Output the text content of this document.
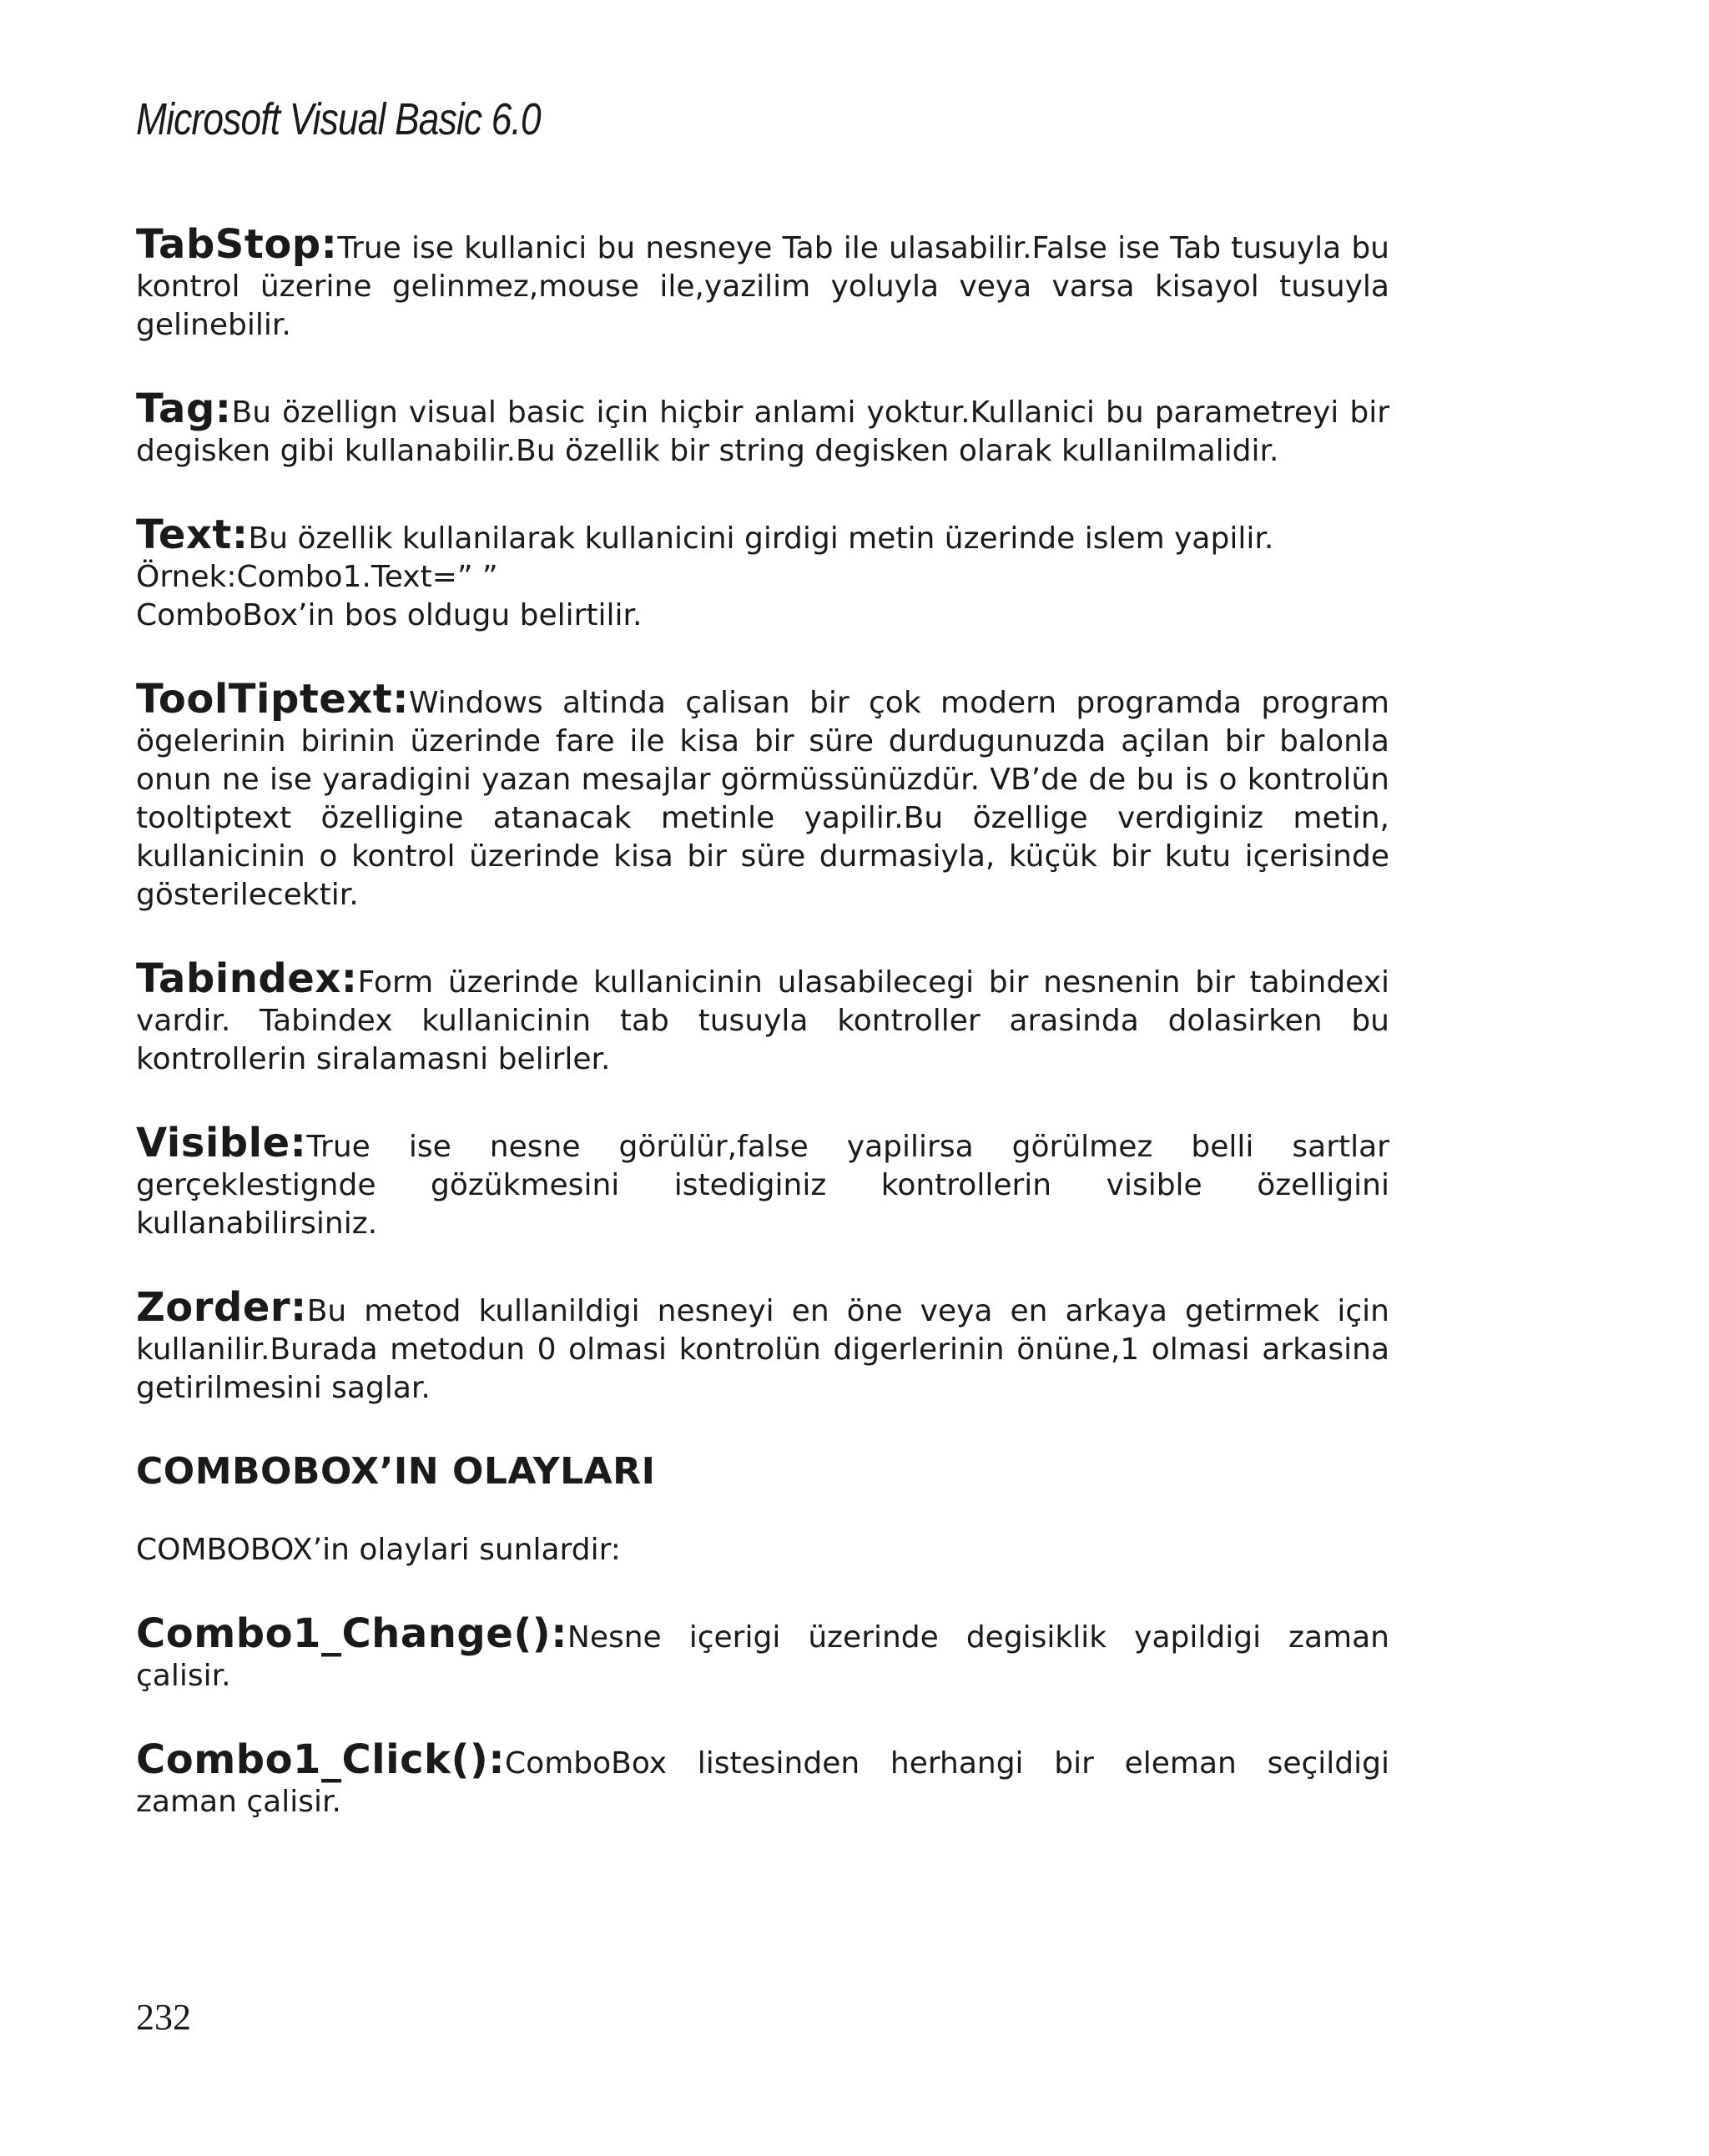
Microsoft Visual Basic 6.0

TabStop:True ise kullanici bu nesneye Tab ile ulasabilir.False ise Tab tusuyla bu kontrol üzerine gelinmez,mouse ile,yazilim yoluyla veya varsa kisayol tusuyla gelinebilir.

Tag:Bu özellign visual basic için hiçbir anlami yoktur.Kullanici bu parametreyi bir degisken gibi kullanabilir.Bu özellik bir string degisken olarak kullanilmalidir.

Text:Bu özellik kullanilarak kullanicini girdigi metin üzerinde islem yapilir.

Örnek:Combo1.Text=” ”

ComboBox’in bos oldugu belirtilir.

ToolTiptext:Windows altinda çalisan bir çok modern programda program ögelerinin birinin üzerinde fare ile kisa bir süre durdugunuzda açilan bir balonla onun ne ise yaradigini yazan mesajlar görmüssünüzdür. VB’de de bu is o kontrolün tooltiptext özelligine atanacak metinle yapilir.Bu özellige verdiginiz metin, kullanicinin o kontrol üzerinde kisa bir süre durmasiyla, küçük bir kutu içerisinde gösterilecektir.

Tabindex:Form üzerinde kullanicinin ulasabilecegi bir nesnenin bir tabindexi vardir. Tabindex kullanicinin tab tusuyla kontroller arasinda dolasirken bu kontrollerin siralamasni belirler.

Visible:True ise nesne görülür,false yapilirsa görülmez belli sartlar gerçeklestignde gözükmesini istediginiz kontrollerin visible özelligini kullanabilirsiniz.

Zorder:Bu metod kullanildigi nesneyi en öne veya en arkaya getirmek için kullanilir.Burada metodun 0 olmasi kontrolün digerlerinin önüne,1 olmasi arkasina getirilmesini saglar.

COMBOBOX’IN OLAYLARI

COMBOBOX’in olaylari sunlardir:

Combo1_Change():Nesne içerigi üzerinde degisiklik yapildigi zaman çalisir.

Combo1_Click():ComboBox listesinden herhangi bir eleman seçildigi zaman çalisir.

232
